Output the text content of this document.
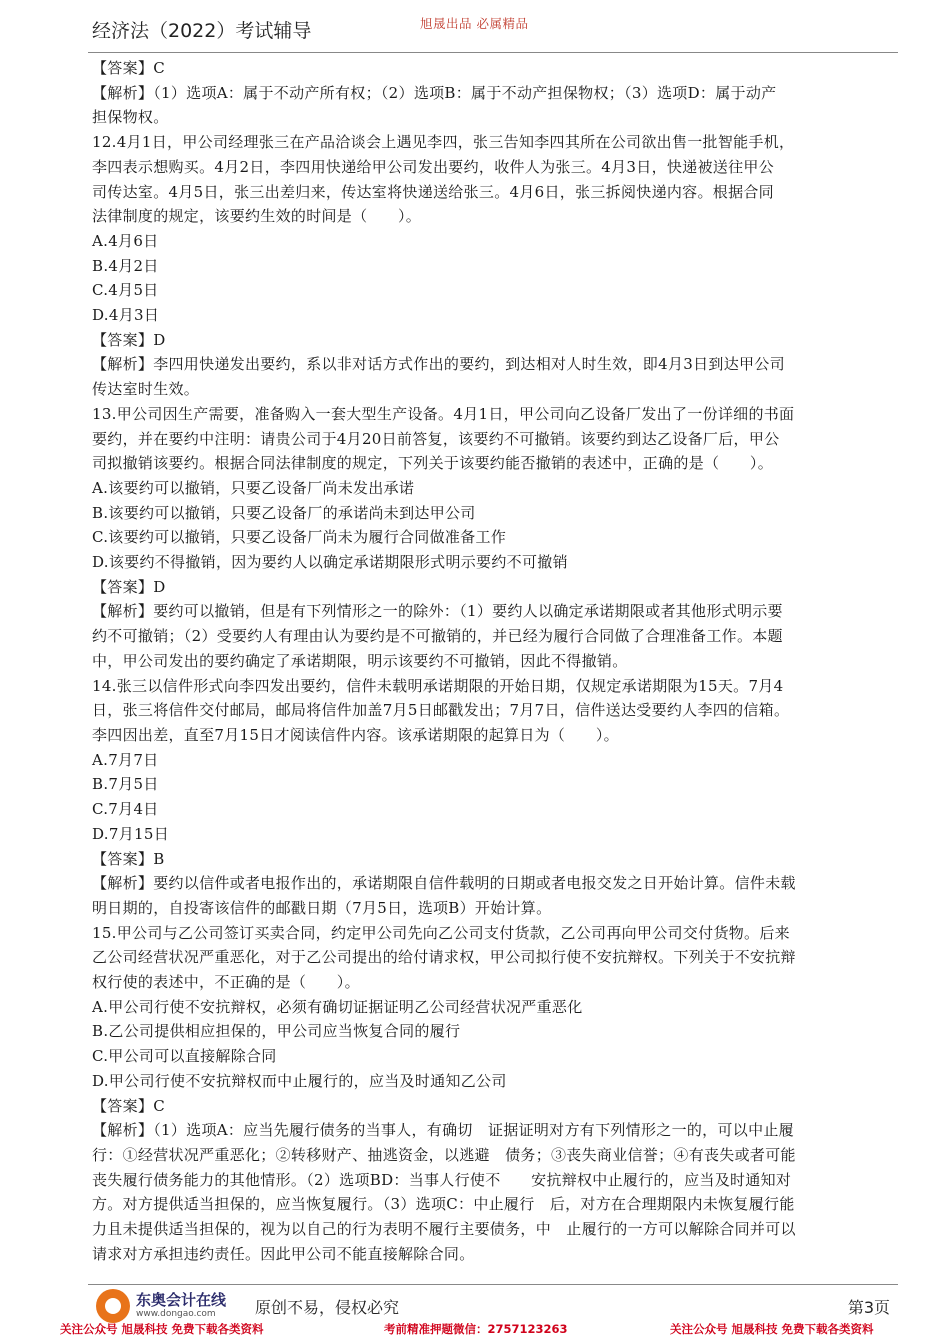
经济法（2022）考试辅导	旭晟出品 必属精品

【答案】C

【解析】（1）选项A：属于不动产所有权；（2）选项B：属于不动产担保物权；（3）选项D：属于动产

担保物权。

12.4月1日，甲公司经理张三在产品洽谈会上遇见李四，张三告知李四其所在公司欲出售一批智能手机，

李四表示想购买。4月2日，李四用快递给甲公司发出要约，收件人为张三。4月3日，快递被送往甲公

司传达室。4月5日，张三出差归来，传达室将快递送给张三。4月6日，张三拆阅快递内容。根据合同

法律制度的规定，该要约生效的时间是（　　）。

A.4月6日

B.4月2日

C.4月5日

D.4月3日

【答案】D

【解析】李四用快递发出要约，系以非对话方式作出的要约，到达相对人时生效，即4月3日到达甲公司

传达室时生效。

13.甲公司因生产需要，准备购入一套大型生产设备。4月1日，甲公司向乙设备厂发出了一份详细的书面

要约，并在要约中注明：请贵公司于4月20日前答复，该要约不可撤销。该要约到达乙设备厂后，甲公

司拟撤销该要约。根据合同法律制度的规定，下列关于该要约能否撤销的表述中，正确的是（　　）。

A.该要约可以撤销，只要乙设备厂尚未发出承诺

B.该要约可以撤销，只要乙设备厂的承诺尚未到达甲公司

C.该要约可以撤销，只要乙设备厂尚未为履行合同做准备工作

D.该要约不得撤销，因为要约人以确定承诺期限形式明示要约不可撤销

【答案】D

【解析】要约可以撤销，但是有下列情形之一的除外：（1）要约人以确定承诺期限或者其他形式明示要

约不可撤销；（2）受要约人有理由认为要约是不可撤销的，并已经为履行合同做了合理准备工作。本题

中，甲公司发出的要约确定了承诺期限，明示该要约不可撤销，因此不得撤销。

14.张三以信件形式向李四发出要约，信件未载明承诺期限的开始日期，仅规定承诺期限为15天。7月4

日，张三将信件交付邮局，邮局将信件加盖7月5日邮戳发出；7月7日，信件送达受要约人李四的信箱。

李四因出差，直至7月15日才阅读信件内容。该承诺期限的起算日为（　　）。

A.7月7日

B.7月5日

C.7月4日

D.7月15日

【答案】B

【解析】要约以信件或者电报作出的，承诺期限自信件载明的日期或者电报交发之日开始计算。信件未载

明日期的，自投寄该信件的邮戳日期（7月5日，选项B）开始计算。

15.甲公司与乙公司签订买卖合同，约定甲公司先向乙公司支付货款，乙公司再向甲公司交付货物。后来

乙公司经营状况严重恶化，对于乙公司提出的给付请求权，甲公司拟行使不安抗辩权。下列关于不安抗辩

权行使的表述中，不正确的是（　　）。

A.甲公司行使不安抗辩权，必须有确切证据证明乙公司经营状况严重恶化

B.乙公司提供相应担保的，甲公司应当恢复合同的履行

C.甲公司可以直接解除合同

D.甲公司行使不安抗辩权而中止履行的，应当及时通知乙公司

【答案】C

【解析】（1）选项A：应当先履行债务的当事人，有确切　证据证明对方有下列情形之一的，可以中止履

行：①经营状况严重恶化；②转移财产、抽逃资金，以逃避　债务；③丧失商业信誉；④有丧失或者可能

丧失履行债务能力的其他情形。（2）选项BD：当事人行使不　　安抗辩权中止履行的，应当及时通知对

方。对方提供适当担保的，应当恢复履行。（3）选项C：中止履行　后，对方在合理期限内未恢复履行能

力且未提供适当担保的，视为以自己的行为表明不履行主要债务，中　止履行的一方可以解除合同并可以

请求对方承担违约责任。因此甲公司不能直接解除合同。

东奥会计在线
www.dongao.com 原创不易，侵权必究	第3页
关注公众号 旭晟科技 免费下载各类资料	考前精准押题微信：2757123263	关注公众号 旭晟科技 免费下载各类资料
